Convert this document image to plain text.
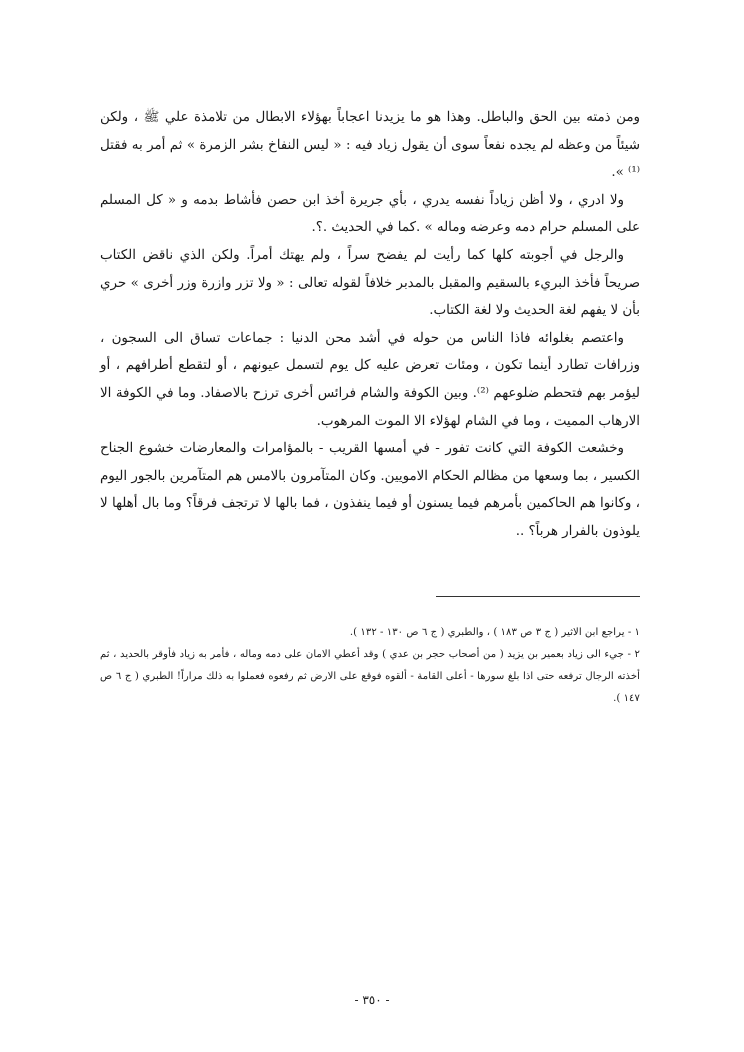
ومن ذمته بين الحق والباطل. وهذا هو ما يزيدنا اعجاباً بهؤلاء الابطال من تلامذة علي ﷺ ، ولكن شيئاً من وعظه لم يجده نفعاً سوى أن يقول زياد فيه : « ليس النفاخ بشر الزمرة » ثم أمر به فقتل ⁽¹⁾ ».

ولا ادري ، ولا أظن زياداً نفسه يدري ، بأي جريرة أخذ ابن حصن فأشاط بدمه و « كل المسلم على المسلم حرام دمه وعرضه وماله » .كما في الحديث .؟.

والرجل في أجوبته كلها كما رأيت لم يفضح سراً ، ولم يهتك أمراً. ولكن الذي ناقض الكتاب صريحاً فأخذ البريء بالسقيم والمقبل بالمدبر خلافاً لقوله تعالى : « ولا تزر وازرة وزر أخرى » حري بأن لا يفهم لغة الحديث ولا لغة الكتاب.

واعتصم بغلوائه فاذا الناس من حوله في أشد محن الدنيا : جماعات تساق الى السجون ، وزرافات تطارد أينما تكون ، ومئات تعرض عليه كل يوم لتسمل عيونهم ، أو لتقطع أطرافهم ، أو ليؤمر بهم فتحطم ضلوعهم ⁽²⁾. وبين الكوفة والشام فرائس أخرى ترزح بالاصفاد. وما في الكوفة الا الارهاب المميت ، وما في الشام لهؤلاء الا الموت المرهوب.

وخشعت الكوفة التي كانت تفور - في أمسها القريب - بالمؤامرات والمعارضات خشوع الجناح الكسير ، بما وسعها من مظالم الحكام الامويين. وكان المتآمرون بالامس هم المتآمرين بالجور اليوم ، وكانوا هم الحاكمين بأمرهم فيما يسنون أو فيما ينفذون ، فما بالها لا ترتجف فرقاً؟ وما بال أهلها لا يلوذون بالفرار هرباً؟ ..

١ - يراجع ابن الاثير ( ج ٣ ص ١٨٣ ) ، والطبري ( ج ٦ ص ١٣٠ - ١٣٢ ).

٢ - جيء الى زياد بعمير بن يزيد ( من أصحاب حجر بن عدي ) وقد أعطي الامان على دمه وماله ، فأمر به زياد فأوقر بالحديد ، ثم أخذته الرجال ترفعه حتى اذا بلغ سورها - أعلى القامة - ألقوه فوقع على الارض ثم رفعوه فعملوا به ذلك مراراً! الطبري ( ج ٦ ص ١٤٧ ).

- ٣٥٠ -
